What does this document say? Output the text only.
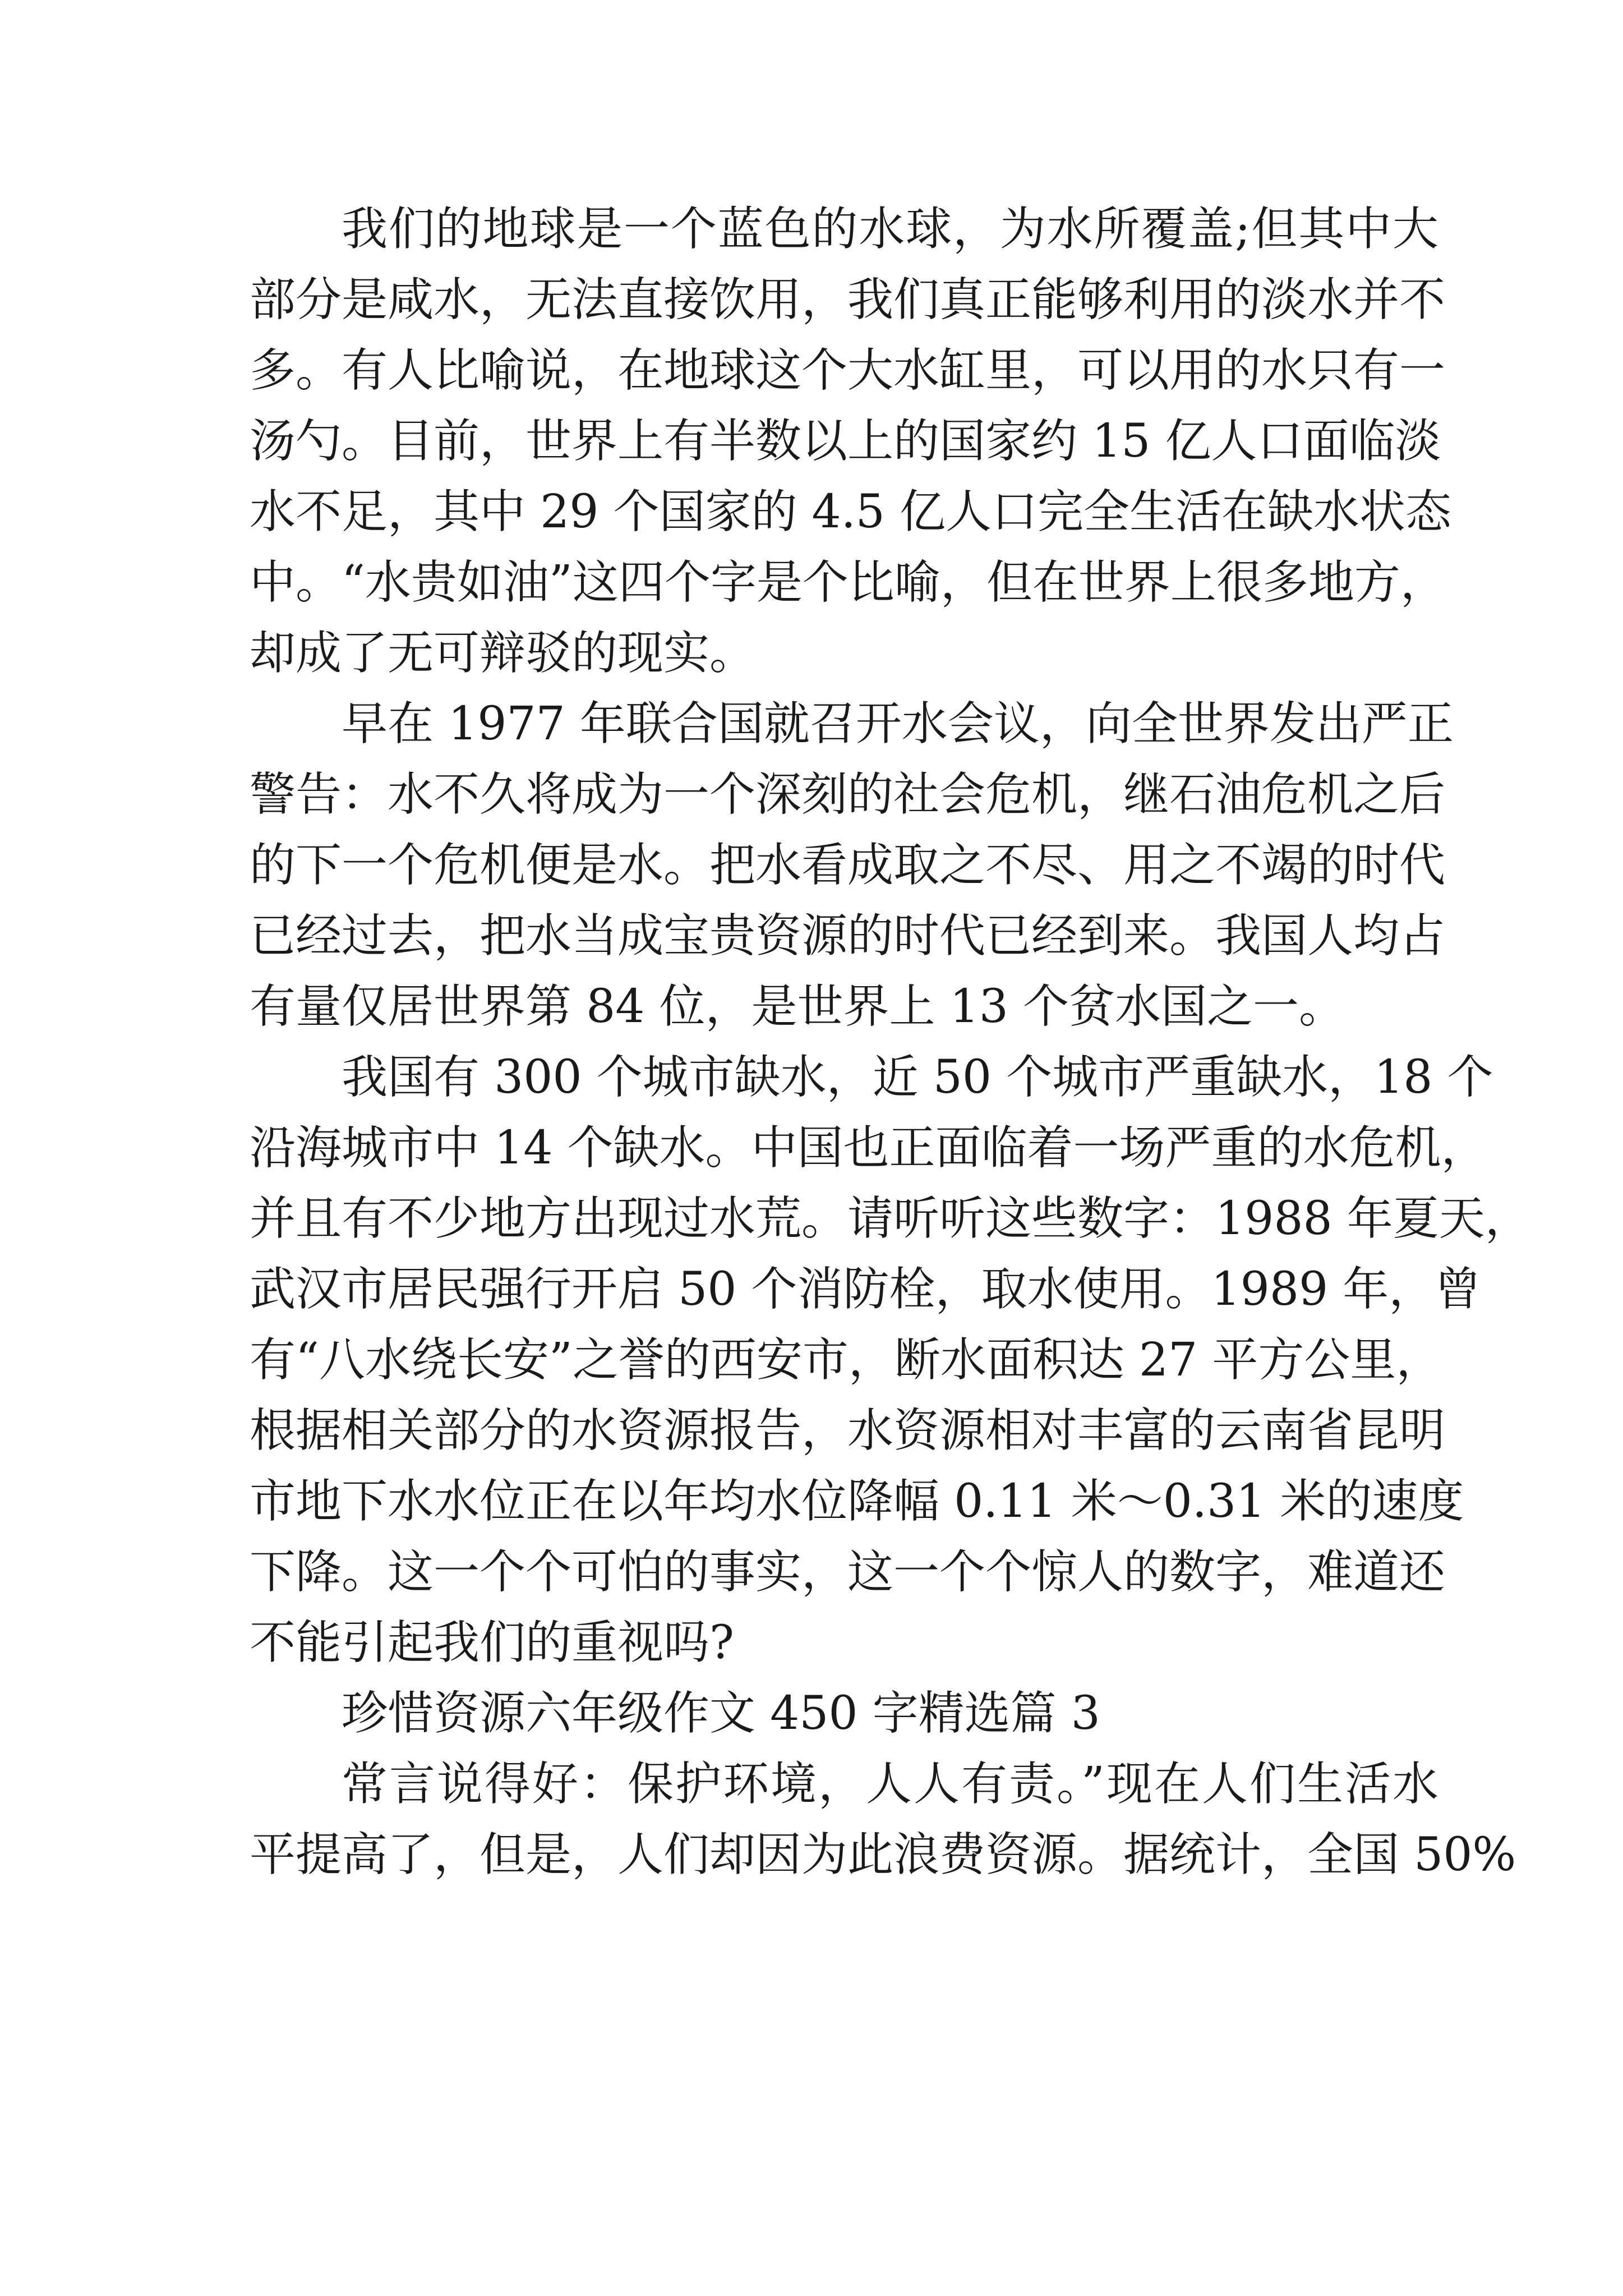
我们的地球是一个蓝色的水球，为水所覆盖;但其中大
部分是咸水，无法直接饮用，我们真正能够利用的淡水并不
多。有人比喻说，在地球这个大水缸里，可以用的水只有一
汤勺。目前，世界上有半数以上的国家约 15 亿人口面临淡
水不足，其中 29 个国家的 4.5 亿人口完全生活在缺水状态
中。“水贵如油”这四个字是个比喻，但在世界上很多地方，
却成了无可辩驳的现实。
早在 1977 年联合国就召开水会议，向全世界发出严正
警告：水不久将成为一个深刻的社会危机，继石油危机之后
的下一个危机便是水。把水看成取之不尽、用之不竭的时代
已经过去，把水当成宝贵资源的时代已经到来。我国人均占
有量仅居世界第 84 位，是世界上 13 个贫水国之一。
我国有 300 个城市缺水，近 50 个城市严重缺水，18 个
沿海城市中 14 个缺水。中国也正面临着一场严重的水危机，
并且有不少地方出现过水荒。请听听这些数字：1988 年夏天，
武汉市居民强行开启 50 个消防栓，取水使用。1989 年，曾
有“八水绕长安”之誉的西安市，断水面积达 27 平方公里，
根据相关部分的水资源报告，水资源相对丰富的云南省昆明
市地下水水位正在以年均水位降幅 0.11 米～0.31 米的速度
下降。这一个个可怕的事实，这一个个惊人的数字，难道还
不能引起我们的重视吗?
珍惜资源六年级作文 450 字精选篇 3
常言说得好：保护环境，人人有责。”现在人们生活水
平提高了，但是，人们却因为此浪费资源。据统计，全国 50%
